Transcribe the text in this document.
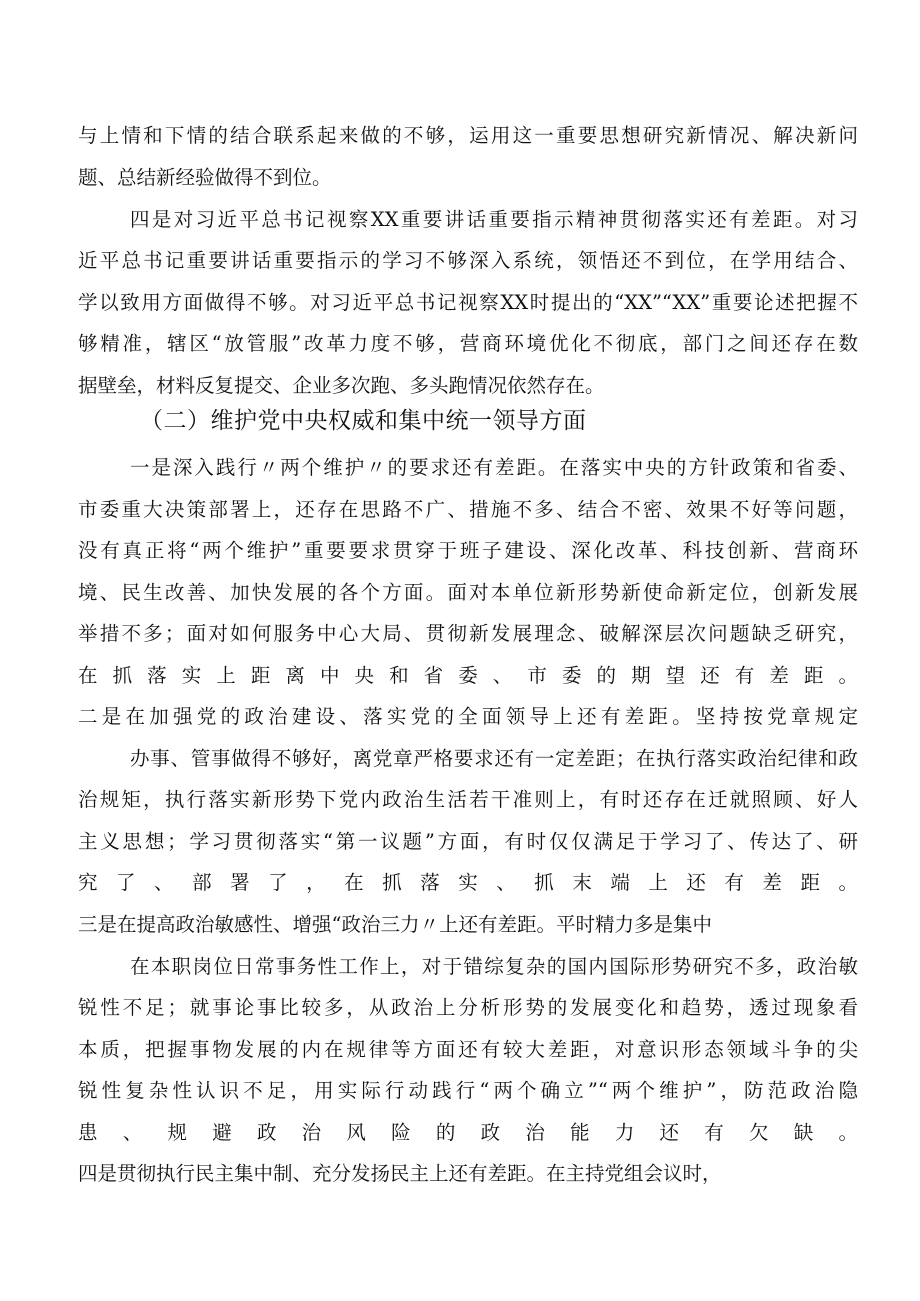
与上情和下情的结合联系起来做的不够，运用这一重要思想研究新情况、解决新问
题、总结新经验做得不到位。
四是对习近平总书记视察XX重要讲话重要指示精神贯彻落实还有差距。对习
近平总书记重要讲话重要指示的学习不够深入系统，领悟还不到位，在学用结合、
学以致用方面做得不够。对习近平总书记视察XX时提出的“XX”“XX”重要论述把握不
够精准，辖区“放管服”改革力度不够，营商环境优化不彻底，部门之间还存在数
据壁垒，材料反复提交、企业多次跑、多头跑情况依然存在。
（二）维护党中央权威和集中统一领导方面
一是深入践行〃两个维护〃的要求还有差距。在落实中央的方针政策和省委、
市委重大决策部署上，还存在思路不广、措施不多、结合不密、效果不好等问题，
没有真正将“两个维护”重要要求贯穿于班子建设、深化改革、科技创新、营商环
境、民生改善、加快发展的各个方面。面对本单位新形势新使命新定位，创新发展
举措不多；面对如何服务中心大局、贯彻新发展理念、破解深层次问题缺乏研究，
在抓落实上距离中央和省委、市委的期望还有差距。
二是在加强党的政治建设、落实党的全面领导上还有差距。坚持按党章规定
办事、管事做得不够好，离党章严格要求还有一定差距；在执行落实政治纪律和政
治规矩，执行落实新形势下党内政治生活若干准则上，有时还存在迁就照顾、好人
主义思想；学习贯彻落实“第一议题”方面，有时仅仅满足于学习了、传达了、研
究了、部署了，在抓落实、抓末端上还有差距。
三是在提高政治敏感性、增强“政治三力〃上还有差距。平时精力多是集中
在本职岗位日常事务性工作上，对于错综复杂的国内国际形势研究不多，政治敏
锐性不足；就事论事比较多，从政治上分析形势的发展变化和趋势，透过现象看
本质，把握事物发展的内在规律等方面还有较大差距，对意识形态领域斗争的尖
锐性复杂性认识不足，用实际行动践行“两个确立”“两个维护”，防范政治隐
患、规避政治风险的政治能力还有欠缺。
四是贯彻执行民主集中制、充分发扬民主上还有差距。在主持党组会议时，
